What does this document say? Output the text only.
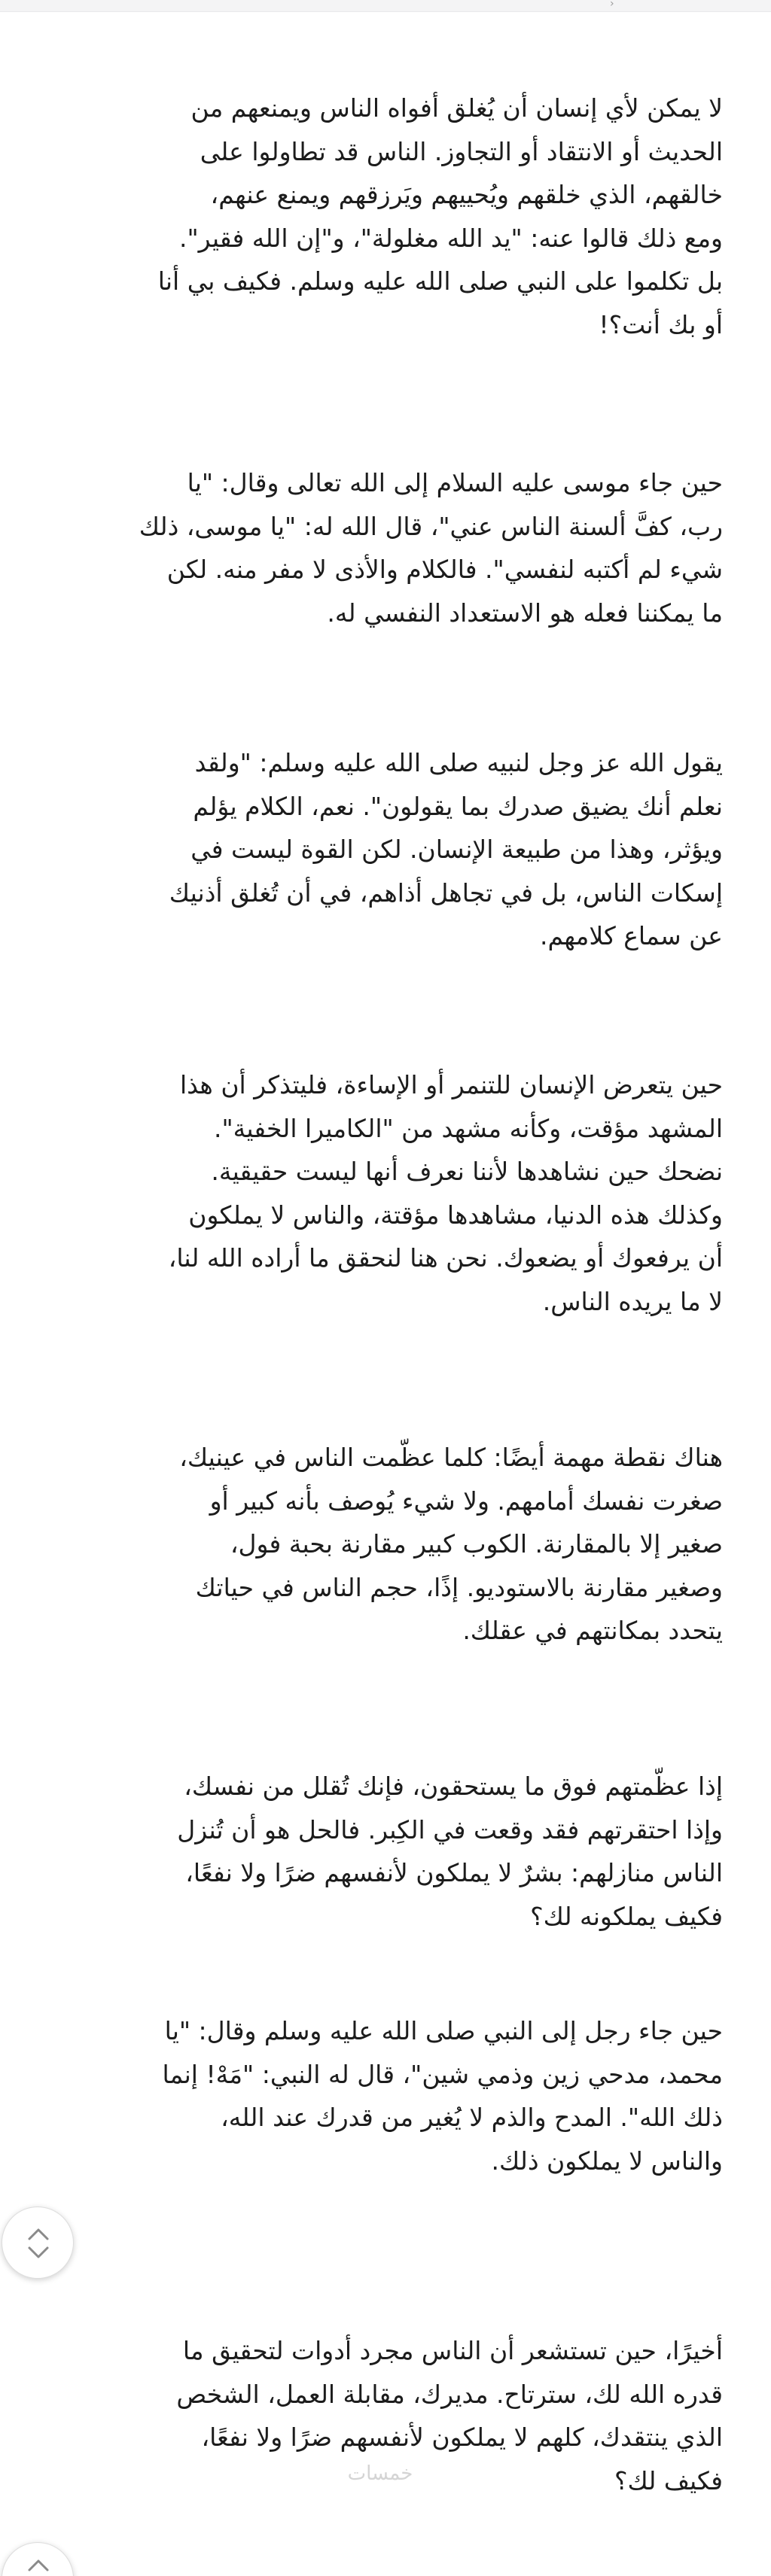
›

لا يمكن لأي إنسان أن يُغلق أفواه الناس ويمنعهم من
الحديث أو الانتقاد أو التجاوز. الناس قد تطاولوا على
خالقهم، الذي خلقهم ويُحييهم ويَرزقهم ويمنع عنهم،
ومع ذلك قالوا عنه: "يد الله مغلولة"، و"إن الله فقير".
بل تكلموا على النبي صلى الله عليه وسلم. فكيف بي أنا
أو بك أنت؟!

حين جاء موسى عليه السلام إلى الله تعالى وقال: "يا
رب، كفَّ ألسنة الناس عني"، قال الله له: "يا موسى، ذلك
شيء لم أكتبه لنفسي". فالكلام والأذى لا مفر منه. لكن
ما يمكننا فعله هو الاستعداد النفسي له.

يقول الله عز وجل لنبيه صلى الله عليه وسلم: "ولقد
نعلم أنك يضيق صدرك بما يقولون". نعم، الكلام يؤلم
ويؤثر، وهذا من طبيعة الإنسان. لكن القوة ليست في
إسكات الناس، بل في تجاهل أذاهم، في أن تُغلق أذنيك
عن سماع كلامهم.

حين يتعرض الإنسان للتنمر أو الإساءة، فليتذكر أن هذا
المشهد مؤقت، وكأنه مشهد من "الكاميرا الخفية".
نضحك حين نشاهدها لأننا نعرف أنها ليست حقيقية.
وكذلك هذه الدنيا، مشاهدها مؤقتة، والناس لا يملكون
أن يرفعوك أو يضعوك. نحن هنا لنحقق ما أراده الله لنا،
لا ما يريده الناس.

هناك نقطة مهمة أيضًا: كلما عظّمت الناس في عينيك،
صغرت نفسك أمامهم. ولا شيء يُوصف بأنه كبير أو
صغير إلا بالمقارنة. الكوب كبير مقارنة بحبة فول،
وصغير مقارنة بالاستوديو. إذًا، حجم الناس في حياتك
يتحدد بمكانتهم في عقلك.

إذا عظّمتهم فوق ما يستحقون، فإنك تُقلل من نفسك،
وإذا احتقرتهم فقد وقعت في الكِبر. فالحل هو أن تُنزل
الناس منازلهم: بشرٌ لا يملكون لأنفسهم ضرًا ولا نفعًا،
فكيف يملكونه لك؟

حين جاء رجل إلى النبي صلى الله عليه وسلم وقال: "يا
محمد، مدحي زين وذمي شين"، قال له النبي: "مَهْ! إنما
ذلك الله". المدح والذم لا يُغير من قدرك عند الله،
والناس لا يملكون ذلك.

أخيرًا، حين تستشعر أن الناس مجرد أدوات لتحقيق ما
قدره الله لك، سترتاح. مديرك، مقابلة العمل، الشخص
الذي ينتقدك، كلهم لا يملكون لأنفسهم ضرًا ولا نفعًا،
فكيف لك؟

خمسات
